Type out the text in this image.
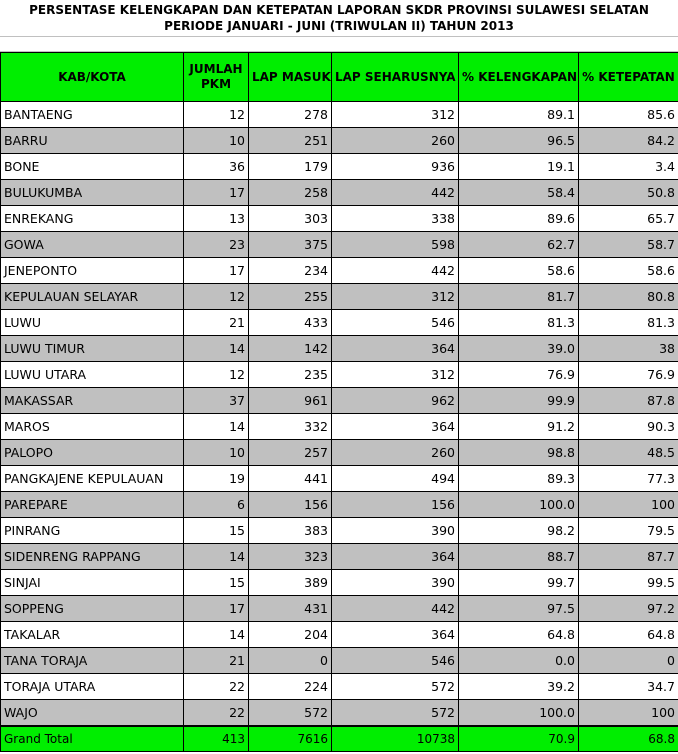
PERSENTASE KELENGKAPAN DAN KETEPATAN LAPORAN SKDR PROVINSI SULAWESI SELATAN
PERIODE JANUARI - JUNI (TRIWULAN II) TAHUN 2013
KAB/KOTA	JUMLAH PKM	LAP MASUK	LAP SEHARUSNYA	% KELENGKAPAN	% KETEPATAN
BANTAENG	12	278	312	89.1	85.6
BARRU	10	251	260	96.5	84.2
BONE	36	179	936	19.1	3.4
BULUKUMBA	17	258	442	58.4	50.8
ENREKANG	13	303	338	89.6	65.7
GOWA	23	375	598	62.7	58.7
JENEPONTO	17	234	442	58.6	58.6
KEPULAUAN SELAYAR	12	255	312	81.7	80.8
LUWU	21	433	546	81.3	81.3
LUWU TIMUR	14	142	364	39.0	38
LUWU UTARA	12	235	312	76.9	76.9
MAKASSAR	37	961	962	99.9	87.8
MAROS	14	332	364	91.2	90.3
PALOPO	10	257	260	98.8	48.5
PANGKAJENE KEPULAUAN	19	441	494	89.3	77.3
PAREPARE	6	156	156	100.0	100
PINRANG	15	383	390	98.2	79.5
SIDENRENG RAPPANG	14	323	364	88.7	87.7
SINJAI	15	389	390	99.7	99.5
SOPPENG	17	431	442	97.5	97.2
TAKALAR	14	204	364	64.8	64.8
TANA TORAJA	21	0	546	0.0	0
TORAJA UTARA	22	224	572	39.2	34.7
WAJO	22	572	572	100.0	100
Grand Total	413	7616	10738	70.9	68.8
